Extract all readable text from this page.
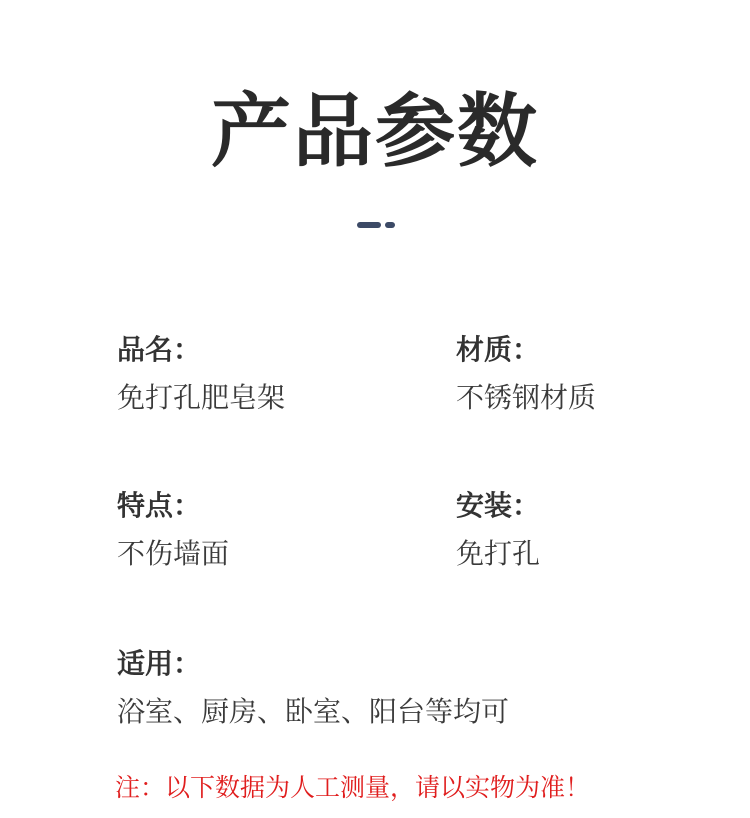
产品参数
品名：
免打孔肥皂架
材质：
不锈钢材质
特点：
不伤墙面
安装：
免打孔
适用：
浴室、厨房、卧室、阳台等均可
注：以下数据为人工测量，请以实物为准！
